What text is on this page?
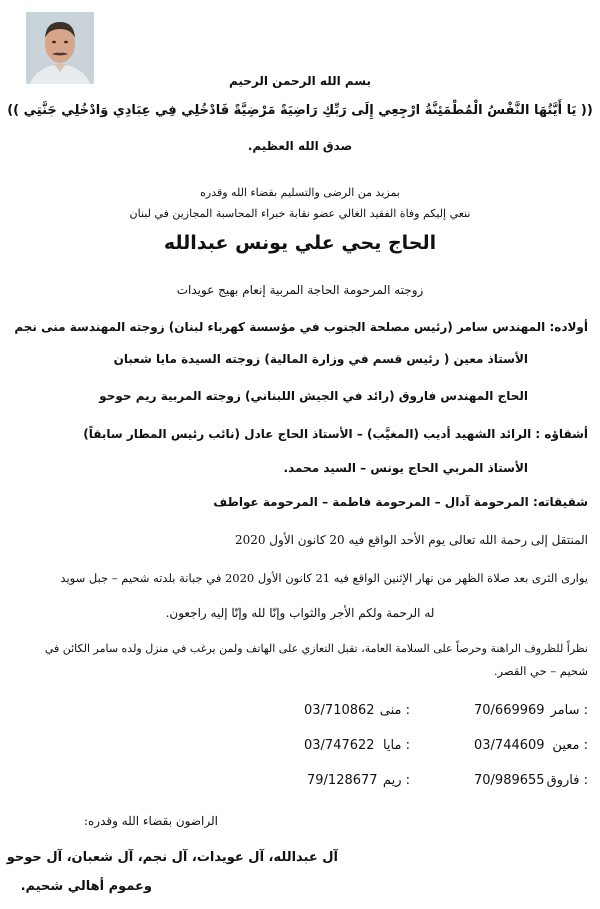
بسم الله الرحمن الرحيم
(( يَا أَيَّتُهَا النَّفْسُ الْمُطْمَئِنَّةُ ارْجِعِي إِلَى رَبِّكِ رَاضِيَةً مَرْضِيَّةً فَادْخُلِي فِي عِبَادِي وَادْخُلِي جَنَّتِي ))
صدق الله العظيم.
بمزيد من الرضى والتسليم بقضاء الله وقدره
ننعي إليكم وفاة الفقيد الغالي عضو نقابة خبراء المحاسبة المجازين في لبنان
الحاج يحي علي يونس عبدالله
زوجته المرحومة الحاجة المربية إنعام بهيج عويدات
أولاده: المهندس سامر (رئيس مصلحة الجنوب في مؤسسة كهرباء لبنان) زوجته المهندسة منى نجم
الأستاذ معين ( رئيس قسم في وزارة المالية) زوجته السيدة مايا شعبان
الحاج المهندس فاروق (رائد في الجيش اللبناني) زوجته المربية ريم حوحو
أشقاؤه : الرائد الشهيد أديب (المغيَّب) – الأستاذ الحاج عادل (نائب رئيس المطار سابقاً)
الأستاذ المربي الحاج يونس – السيد محمد.
شقيقاته: المرحومة آدال – المرحومة فاطمة – المرحومة عواطف
المنتقل إلى رحمة الله تعالى يوم الأحد الواقع فيه 20 كانون الأول 2020
يوارى الثرى بعد صلاة الظهر من نهار الإثنين الواقع فيه 21 كانون الأول 2020 في جبانة بلدته شحيم – جبل سويد
له الرحمة ولكم الأجر والثواب وإنّا لله وإنّا إليه راجعون.
نظراً للظروف الراهنة وحرصاً على السلامة العامة، تقبل التعازي على الهاتف ولمن يرغب في منزل ولده سامر الكائن في
شحيم – حي القصر.
سامر :
70/669969
منى :
03/710862
معين :
03/744609
مايا :
03/747622
فاروق :
70/989655
ريم :
79/128677
الراضون بقضاء الله وقدره:
آل عبدالله، آل عويدات، آل نجم، آل شعبان، آل حوحو
وعموم أهالي شحيم.
